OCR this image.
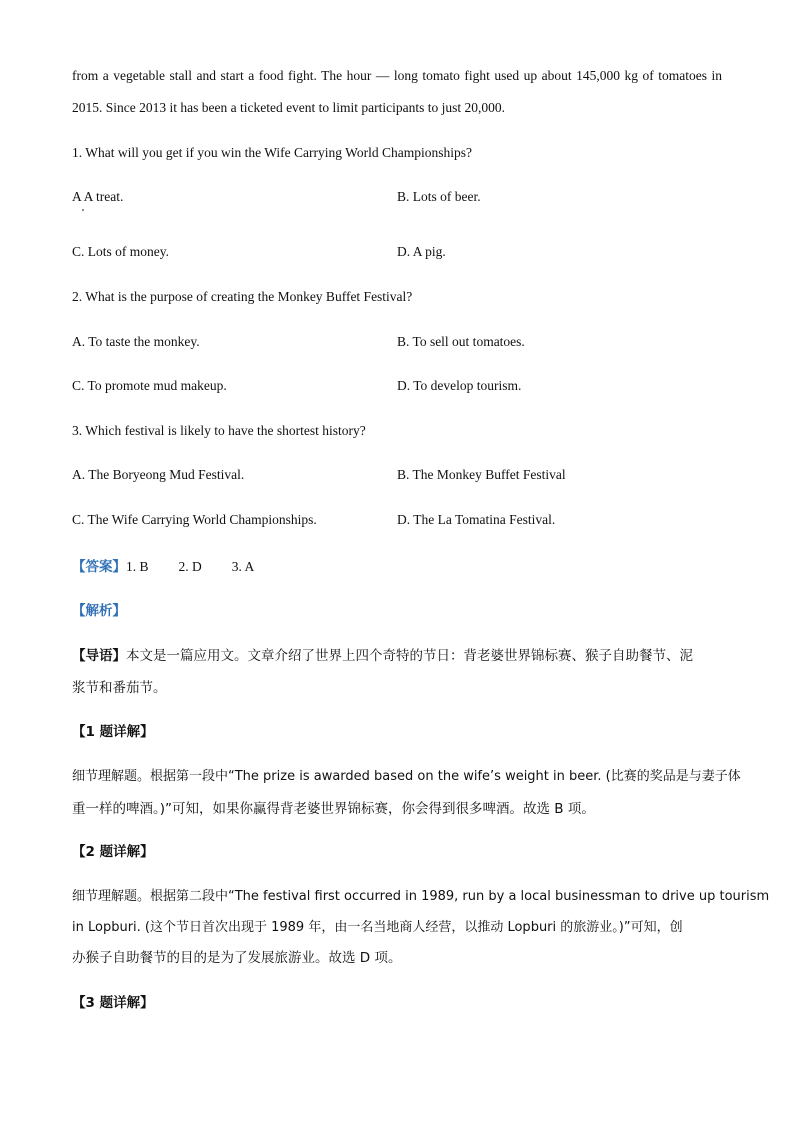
from a vegetable stall and start a food fight. The hour — long tomato fight used up about 145,000 kg of tomatoes in
2015. Since 2013 it has been a ticketed event to limit participants to just 20,000.
1. What will you get if you win the Wife Carrying World Championships?
A A treat.	B. Lots of beer.
C. Lots of money.	D. A pig.
2. What is the purpose of creating the Monkey Buffet Festival?
A. To taste the monkey.	B. To sell out tomatoes.
C. To promote mud makeup.	D. To develop tourism.
3. Which festival is likely to have the shortest history?
A. The Boryeong Mud Festival.	B. The Monkey Buffet Festival
C. The Wife Carrying World Championships.	D. The La Tomatina Festival.
【答案】1. B 2. D 3. A
【解析】
【导语】本文是一篇应用文。文章介绍了世界上四个奇特的节日：背老婆世界锦标赛、猴子自助餐节、泥
浆节和番茄节。
【1 题详解】
细节理解题。根据第一段中“The prize is awarded based on the wife’s weight in beer. (比赛的奖品是与妻子体
重一样的啤酒。)”可知，如果你赢得背老婆世界锦标赛，你会得到很多啤酒。故选 B 项。
【2 题详解】
细节理解题。根据第二段中“The festival first occurred in 1989, run by a local businessman to drive up tourism
in Lopburi. (这个节日首次出现于 1989 年，由一名当地商人经营，以推动 Lopburi 的旅游业。)”可知，创
办猴子自助餐节的目的是为了发展旅游业。故选 D 项。
【3 题详解】
